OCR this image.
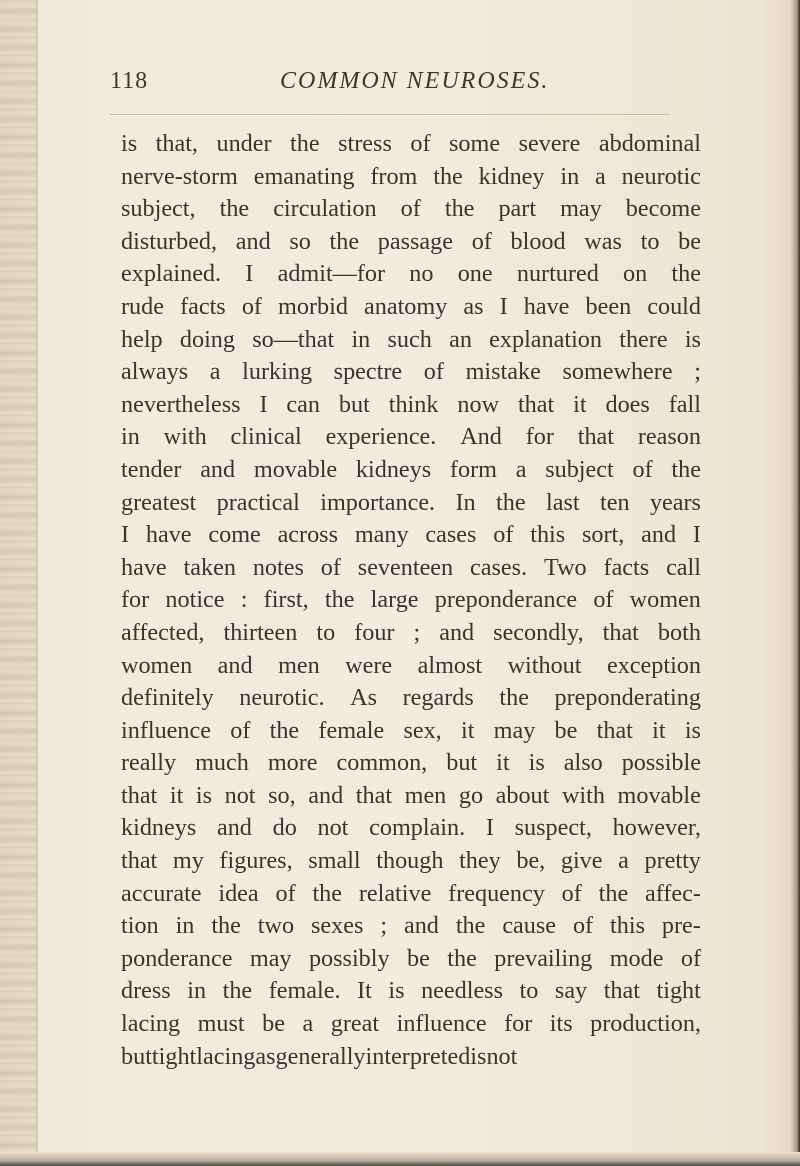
118	COMMON NEUROSES.
is that, under the stress of some severe abdominal
nerve-storm emanating from the kidney in a neurotic
subject, the circulation of the part may become
disturbed, and so the passage of blood was to be
explained. I admit—for no one nurtured on the
rude facts of morbid anatomy as I have been could
help doing so—that in such an explanation there is
always a lurking spectre of mistake somewhere ;
nevertheless I can but think now that it does fall
in with clinical experience. And for that reason
tender and movable kidneys form a subject of the
greatest practical importance. In the last ten years
I have come across many cases of this sort, and I
have taken notes of seventeen cases. Two facts call
for notice : first, the large preponderance of women
affected, thirteen to four ; and secondly, that both
women and men were almost without exception
definitely neurotic. As regards the preponderating
influence of the female sex, it may be that it is
really much more common, but it is also possible
that it is not so, and that men go about with movable
kidneys and do not complain. I suspect, however,
that my figures, small though they be, give a pretty
accurate idea of the relative frequency of the affec-
tion in the two sexes ; and the cause of this pre-
ponderance may possibly be the prevailing mode of
dress in the female. It is needless to say that tight
lacing must be a great influence for its production,
but tight lacing as generally interpreted is not
